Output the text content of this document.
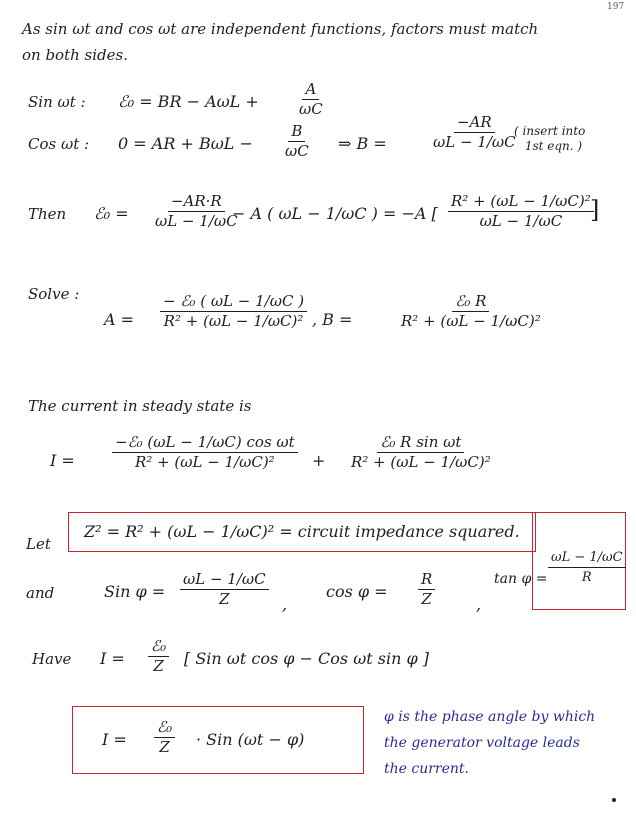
197
As sin ωt and cos ωt are independent functions, factors must match
on both sides.
Sin ωt : ℰ₀ = BR − $A\omega L + \frac{A}{\omega C}$
Cos ωt : 0 = AR + $B\omega L - \frac{B}{\omega C}$ ⇒ B =	$\frac{-AR}{\omega L - 1/\omega C}$
( insert into
1st eqn. )
Then ℰ₀ = $\frac{-AR\cdot R}{\omega L - 1/\omega C}$
− A ( ωL − 1/ωC ) = −A [ $\frac{\text{R² + (ωL − 1/ωC)²}}{\omega L - 1/\omega C}$
]
Solve :
A =
− ℰ₀ ( ωL − 1/ωC )
R² + (ωL − 1/ωC)² , B =
ℰ₀ R
R² + (ωL − 1/ωC)²
The current in steady state is
I =
−ℰ₀ (ωL − 1/ωC) cos ωt
R² + (ωL − 1/ωC)² +
ℰ₀ R sin ωt
R² + (ωL − 1/ωC)²
Let
Z² = R² + (ωL − 1/ωC)² = circuit impedance squared.
and	Sin $\varphi = \frac{\omega L - 1/\omega C}{Z}$ ,
$\cos \varphi = \frac{R}{Z}$	,
$\tan \varphi = \frac{\omega L - 1/\omega C}{R}$
Have I =
ℰ₀
Z [ Sin ωt cos φ − Cos ωt sin φ ]
I =
ℰ₀
Z · Sin (ωt − φ)
φ is the phase angle by which
the generator voltage leads
the current.
